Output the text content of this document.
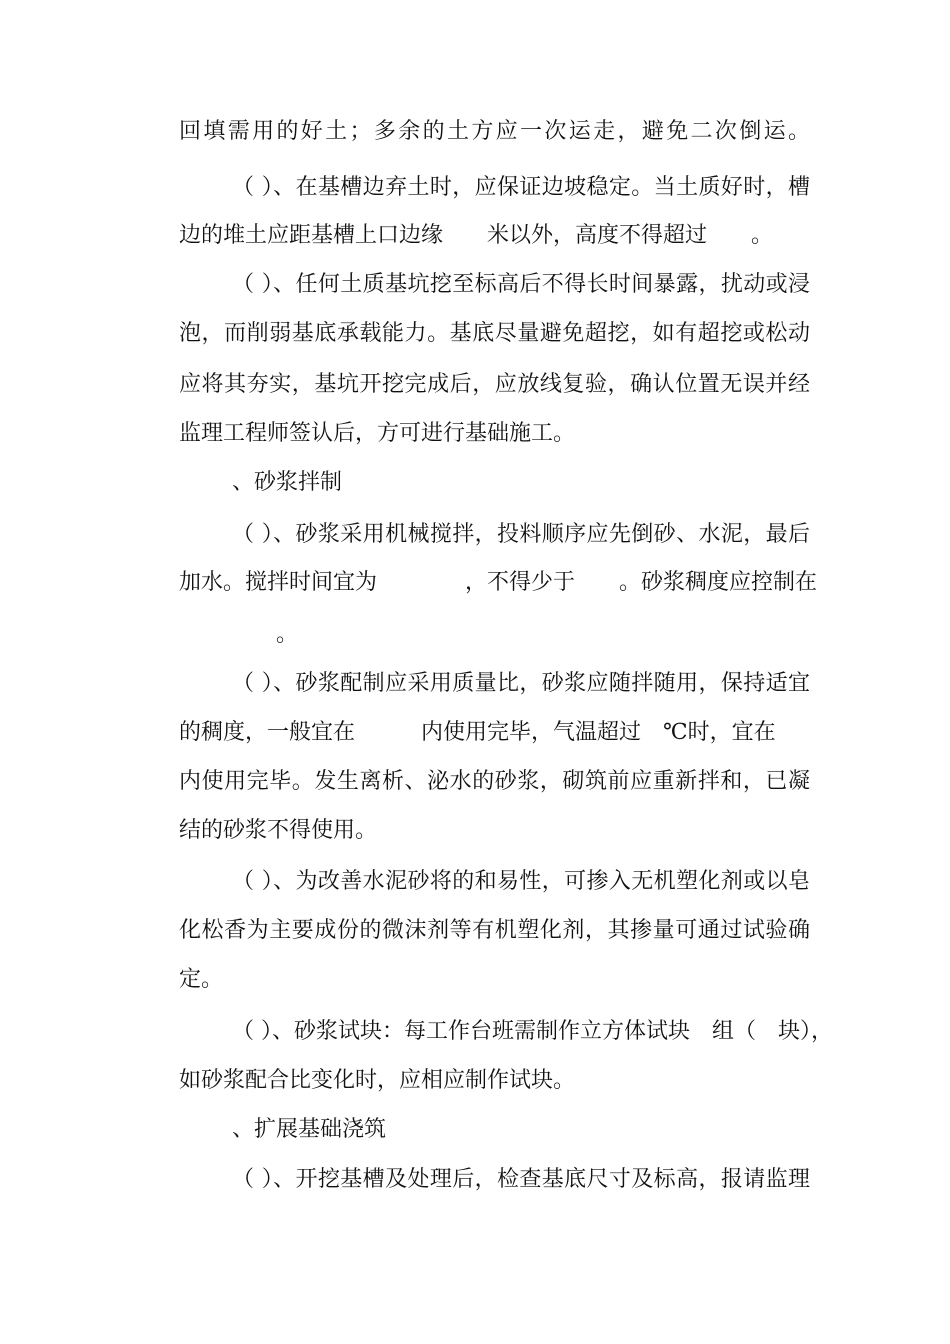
回填需用的好土；多余的土方应一次运走，避免二次倒运。
（ ）、在基槽边弃土时，应保证边坡稳定。当土质好时，槽
边的堆土应距基槽上口边缘　　米以外，高度不得超过　　。
（ ）、任何土质基坑挖至标高后不得长时间暴露，扰动或浸
泡，而削弱基底承载能力。基底尽量避免超挖，如有超挖或松动
应将其夯实，基坑开挖完成后，应放线复验，确认位置无误并经
监理工程师签认后，方可进行基础施工。
、砂浆拌制
（ ）、砂浆采用机械搅拌，投料顺序应先倒砂、水泥，最后
加水。搅拌时间宜为　　　　，不得少于　　。砂浆稠度应控制在
。
（ ）、砂浆配制应采用质量比，砂浆应随拌随用，保持适宜
的稠度，一般宜在　　　内使用完毕，气温超过　℃时，宜在
内使用完毕。发生离析、泌水的砂浆，砌筑前应重新拌和，已凝
结的砂浆不得使用。
（ ）、为改善水泥砂将的和易性，可掺入无机塑化剂或以皂
化松香为主要成份的微沫剂等有机塑化剂，其掺量可通过试验确
定。
（ ）、砂浆试块：每工作台班需制作立方体试块　组（　块），
如砂浆配合比变化时，应相应制作试块。
、扩展基础浇筑
（ ）、开挖基槽及处理后，检查基底尺寸及标高，报请监理
